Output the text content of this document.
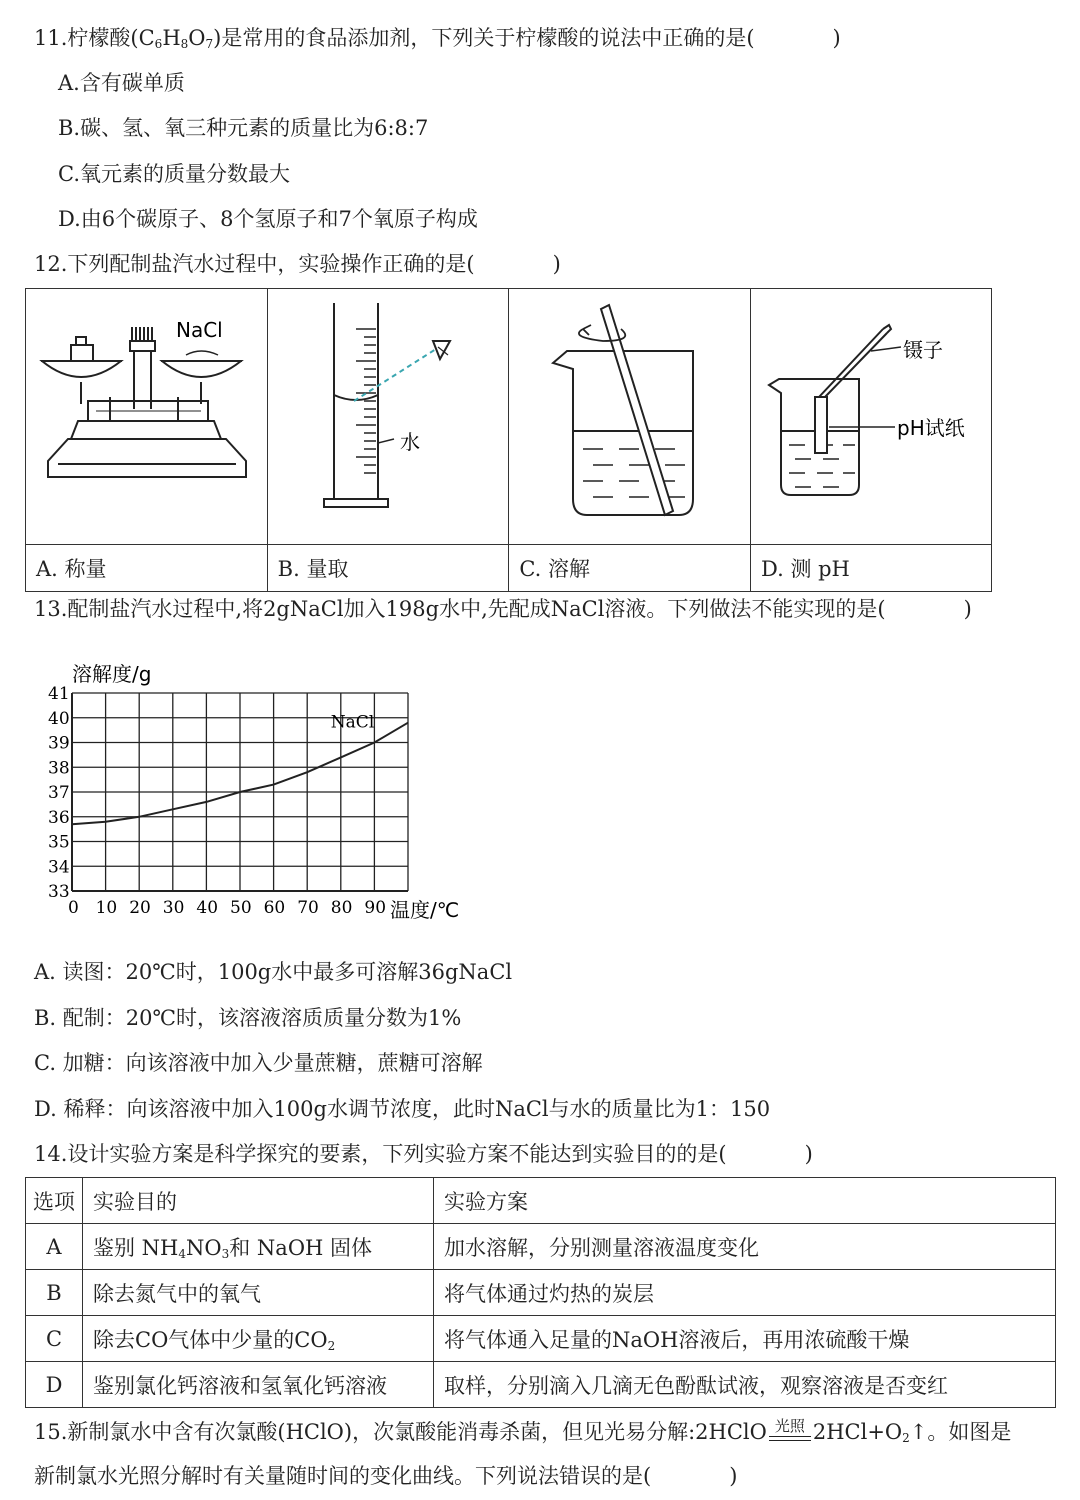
11.柠檬酸$(C_6H_8O_7)$是常用的食品添加剂，下列关于柠檬酸的说法中正确的是(	)
A.含有碳单质
B.碳、氢、氧三种元素的质量比为6:8:7
C.氧元素的质量分数最大
D.由6个碳原子、8个氢原子和7个氧原子构成
12.下列配制盐汽水过程中，实验操作正确的是(	)
NaCl	水		镊子
pH试纸

A. 称量	B. 量取	C. 溶解	D. 测 pH
13.配制盐汽水过程中,将2gNaCl加入198g水中,先配成NaCl溶液。下列做法不能实现的是(	)
溶解度/g
温度/℃
0 10 20 30 40 50 60 70 80 90
33
34
35
36
37
38
39
40
41
NaCl
A. 读图：20℃时，100g水中最多可溶解36gNaCl
B. 配制：20℃时，该溶液溶质质量分数为1%
C. 加糖：向该溶液中加入少量蔗糖，蔗糖可溶解
D. 稀释：向该溶液中加入100g水调节浓度，此时NaCl与水的质量比为1：150
14.设计实验方案是科学探究的要素，下列实验方案不能达到实验目的的是(	)
选项	实验目的	实验方案
A	鉴别 $NH_4NO_3$和 NaOH 固体	加水溶解，分别测量溶液温度变化
B	除去氮气中的氧气	将气体通过灼热的炭层
C	除去CO气体中少量的$CO_2$	将气体通入足量的NaOH溶液后，再用浓硫酸干燥
D	鉴别氯化钙溶液和氢氧化钙溶液	取样，分别滴入几滴无色酚酞试液，观察溶液是否变红
15.新制氯水中含有次氯酸(HClO)，次氯酸能消毒杀菌，但见光易分解:2HClO $^{光照}$ $2HCl+O_2↑$。如图是
新制氯水光照分解时有关量随时间的变化曲线。下列说法错误的是(	)
